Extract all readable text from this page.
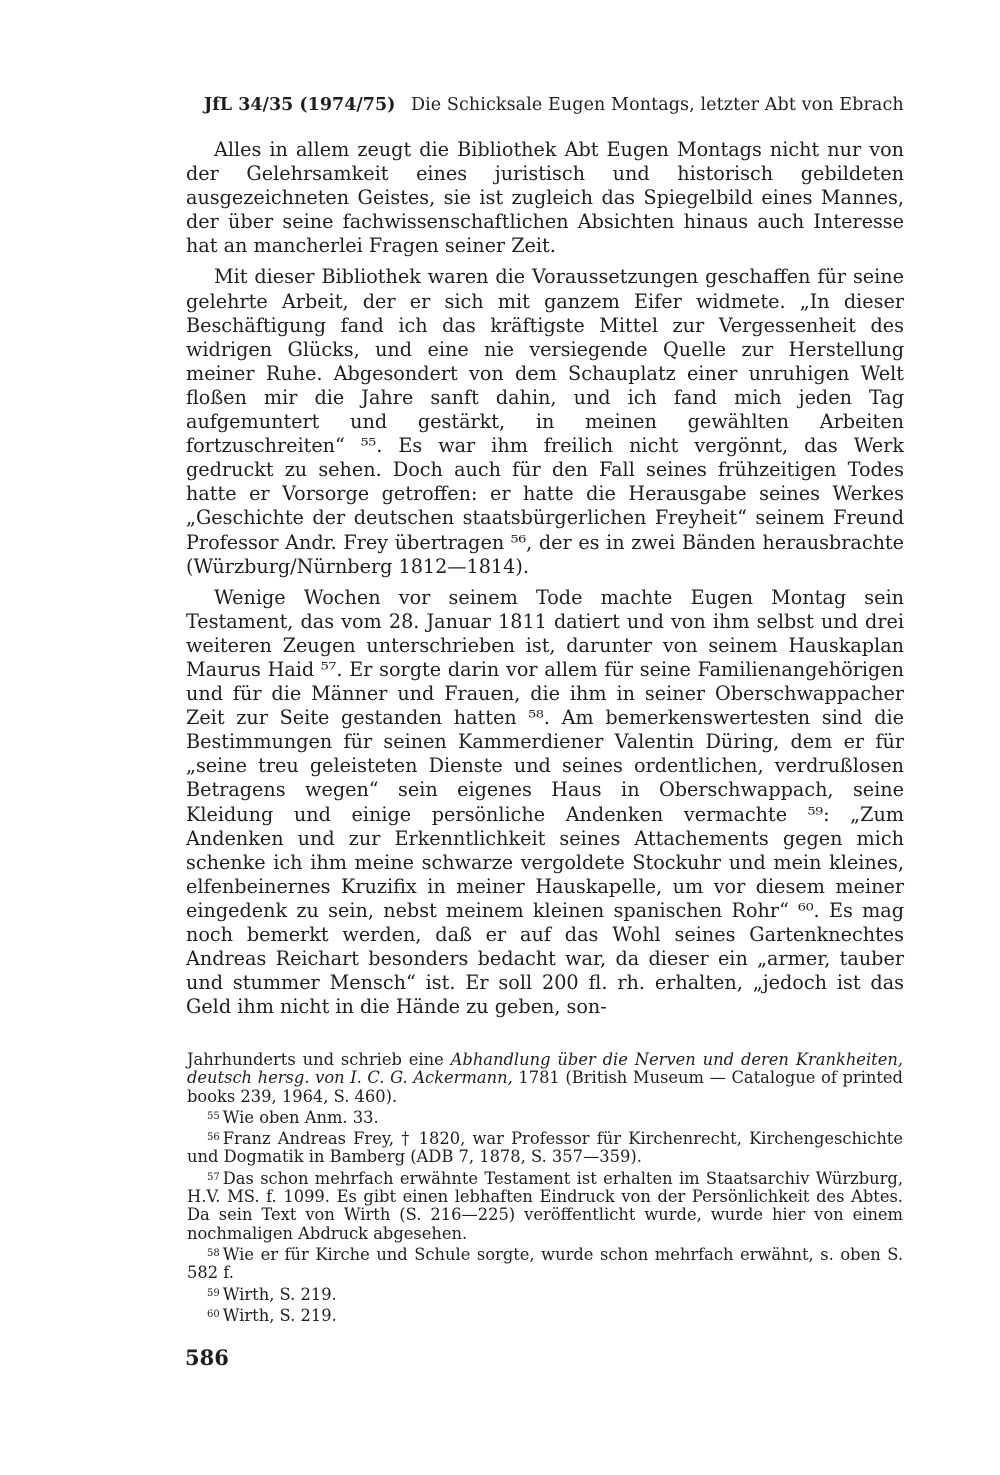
JfL 34/35 (1974/75) Die Schicksale Eugen Montags, letzter Abt von Ebrach

Alles in allem zeugt die Bibliothek Abt Eugen Montags nicht nur von der Gelehrsamkeit eines juristisch und historisch gebildeten ausgezeichneten Geistes, sie ist zugleich das Spiegelbild eines Mannes, der über seine fachwissenschaftlichen Absichten hinaus auch Interesse hat an mancherlei Fragen seiner Zeit.

Mit dieser Bibliothek waren die Voraussetzungen geschaffen für seine gelehrte Arbeit, der er sich mit ganzem Eifer widmete. „In dieser Beschäftigung fand ich das kräftigste Mittel zur Vergessenheit des widrigen Glücks, und eine nie versiegende Quelle zur Herstellung meiner Ruhe. Abgesondert von dem Schauplatz einer unruhigen Welt floßen mir die Jahre sanft dahin, und ich fand mich jeden Tag aufgemuntert und gestärkt, in meinen gewählten Arbeiten fortzuschreiten“ ⁵⁵. Es war ihm freilich nicht vergönnt, das Werk gedruckt zu sehen. Doch auch für den Fall seines frühzeitigen Todes hatte er Vorsorge getroffen: er hatte die Herausgabe seines Werkes „Geschichte der deutschen staatsbürgerlichen Freyheit“ seinem Freund Professor Andr. Frey übertragen ⁵⁶, der es in zwei Bänden herausbrachte (Würzburg/Nürnberg 1812—1814).

Wenige Wochen vor seinem Tode machte Eugen Montag sein Testament, das vom 28. Januar 1811 datiert und von ihm selbst und drei weiteren Zeugen unterschrieben ist, darunter von seinem Hauskaplan Maurus Haid ⁵⁷. Er sorgte darin vor allem für seine Familienangehörigen und für die Männer und Frauen, die ihm in seiner Oberschwappacher Zeit zur Seite gestanden hatten ⁵⁸. Am bemerkenswertesten sind die Bestimmungen für seinen Kammerdiener Valentin Düring, dem er für „seine treu geleisteten Dienste und seines ordentlichen, verdrußlosen Betragens wegen“ sein eigenes Haus in Oberschwappach, seine Kleidung und einige persönliche Andenken vermachte ⁵⁹: „Zum Andenken und zur Erkenntlichkeit seines Attachements gegen mich schenke ich ihm meine schwarze vergoldete Stockuhr und mein kleines, elfenbeinernes Kruzifix in meiner Hauskapelle, um vor diesem meiner eingedenk zu sein, nebst meinem kleinen spanischen Rohr“ ⁶⁰. Es mag noch bemerkt werden, daß er auf das Wohl seines Gartenknechtes Andreas Reichart besonders bedacht war, da dieser ein „armer, tauber und stummer Mensch“ ist. Er soll 200 fl. rh. erhalten, „jedoch ist das Geld ihm nicht in die Hände zu geben, son-

Jahrhunderts und schrieb eine Abhandlung über die Nerven und deren Krankheiten, deutsch hersg. von I. C. G. Ackermann, 1781 (British Museum — Catalogue of printed books 239, 1964, S. 460).

$^{55}$ Wie oben Anm. 33.

$^{56}$ Franz Andreas Frey, † 1820, war Professor für Kirchenrecht, Kirchengeschichte und Dogmatik in Bamberg (ADB 7, 1878, S. 357—359).

$^{57}$ Das schon mehrfach erwähnte Testament ist erhalten im Staatsarchiv Würzburg, H.V. MS. f. 1099. Es gibt einen lebhaften Eindruck von der Persönlichkeit des Abtes. Da sein Text von Wirth (S. 216—225) veröffentlicht wurde, wurde hier von einem nochmaligen Abdruck abgesehen.

$^{58}$ Wie er für Kirche und Schule sorgte, wurde schon mehrfach erwähnt, s. oben S. 582 f.

$^{59}$ Wirth, S. 219.

$^{60}$ Wirth, S. 219.

586
